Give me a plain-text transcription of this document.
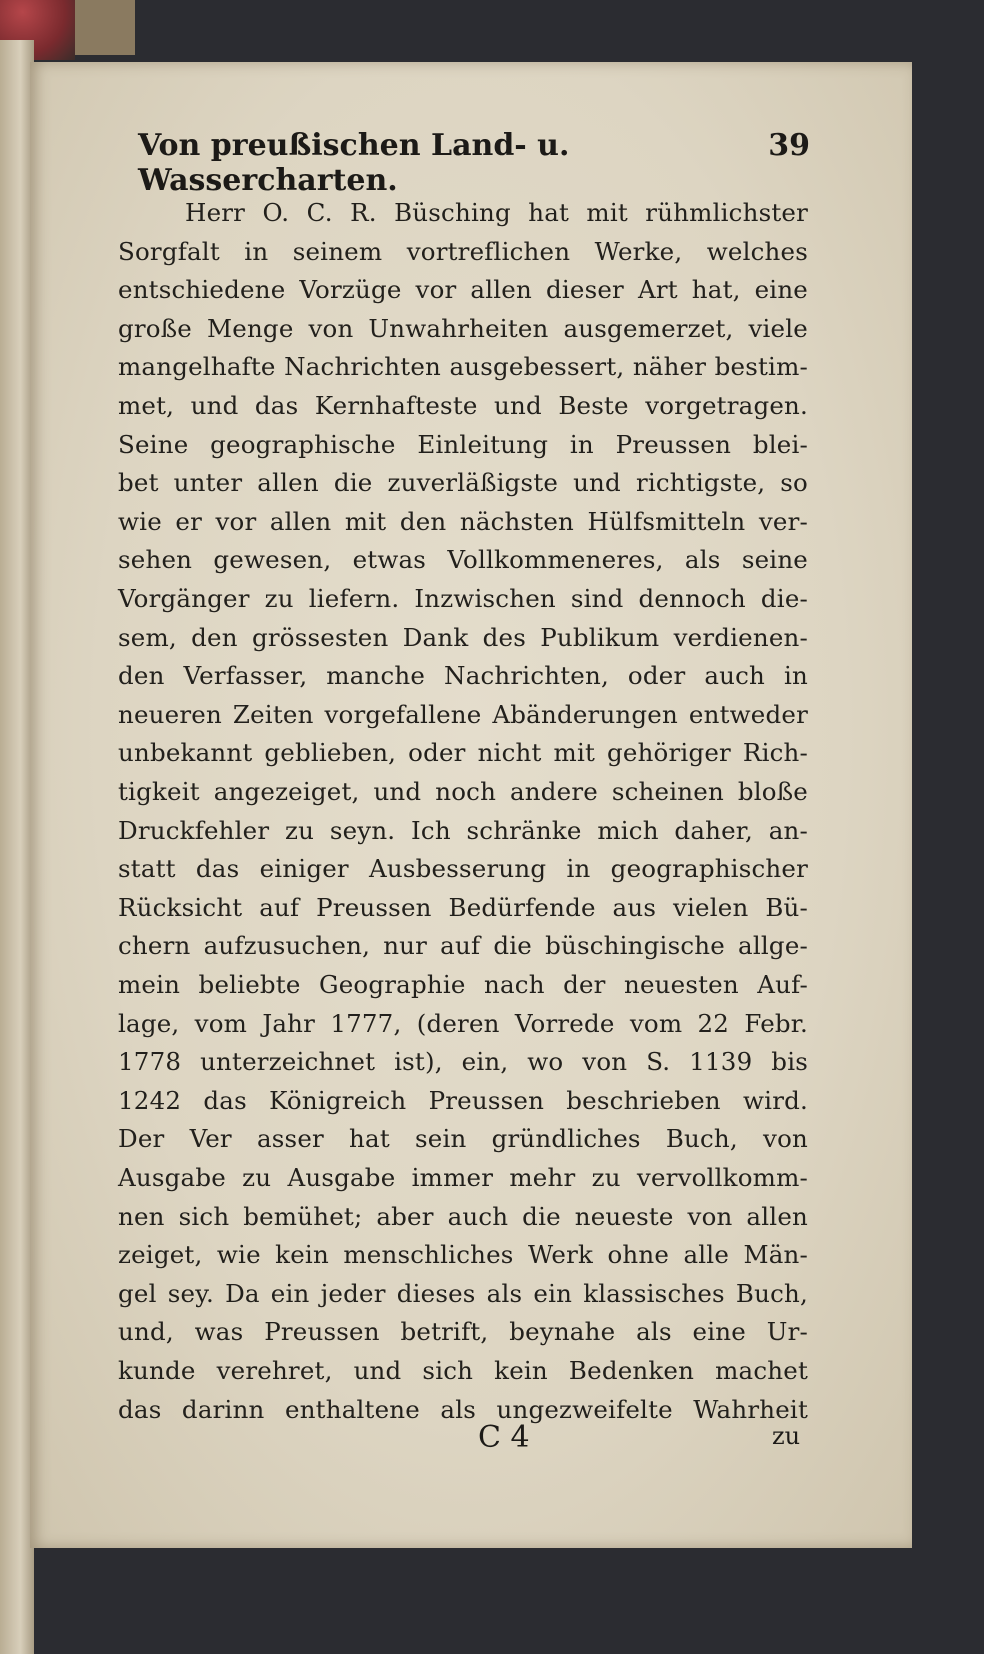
Von preußischen Land- u. Wassercharten.
39
Herr O. C. R. Büsching hat mit rühmlichster
Sorgfalt in seinem vortreflichen Werke, welches
entschiedene Vorzüge vor allen dieser Art hat, eine
große Menge von Unwahrheiten ausgemerzet, viele
mangelhafte Nachrichten ausgebessert, näher bestim-
met, und das Kernhafteste und Beste vorgetragen.
Seine geographische Einleitung in Preussen blei-
bet unter allen die zuverläßigste und richtigste, so
wie er vor allen mit den nächsten Hülfsmitteln ver-
sehen gewesen, etwas Vollkommeneres, als seine
Vorgänger zu liefern. Inzwischen sind dennoch die-
sem, den grössesten Dank des Publikum verdienen-
den Verfasser, manche Nachrichten, oder auch in
neueren Zeiten vorgefallene Abänderungen entweder
unbekannt geblieben, oder nicht mit gehöriger Rich-
tigkeit angezeiget, und noch andere scheinen bloße
Druckfehler zu seyn. Ich schränke mich daher, an-
statt das einiger Ausbesserung in geographischer
Rücksicht auf Preussen Bedürfende aus vielen Bü-
chern aufzusuchen, nur auf die büschingische allge-
mein beliebte Geographie nach der neuesten Auf-
lage, vom Jahr 1777, (deren Vorrede vom 22 Febr.
1778 unterzeichnet ist), ein, wo von S. 1139 bis
1242 das Königreich Preussen beschrieben wird.
Der Ver asser hat sein gründliches Buch, von
Ausgabe zu Ausgabe immer mehr zu vervollkomm-
nen sich bemühet; aber auch die neueste von allen
zeiget, wie kein menschliches Werk ohne alle Män-
gel sey. Da ein jeder dieses als ein klassisches Buch,
und, was Preussen betrift, beynahe als eine Ur-
kunde verehret, und sich kein Bedenken machet
das darinn enthaltene als ungezweifelte Wahrheit
C 4	zu
